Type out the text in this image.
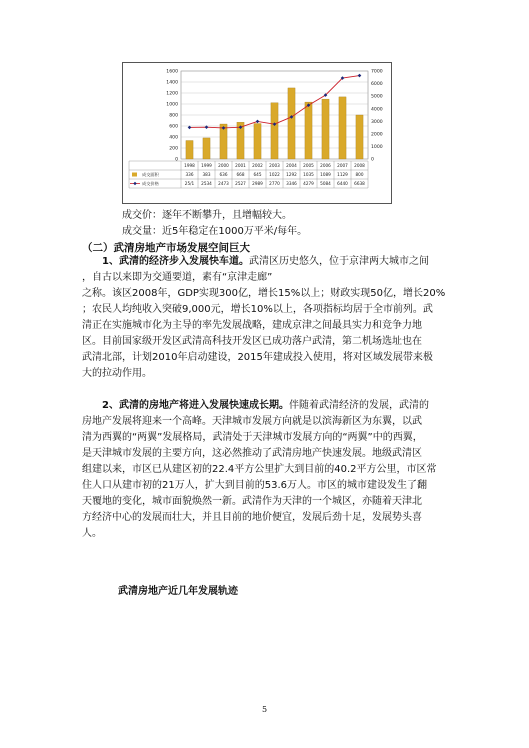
0
200
400
600
800
1000
1200
1400
1600
0
1000
2000
3000
4000
5000
6000
7000
1998 1999 2000 2001 2002 2003 2004 2005 2006 2007 2008
成交面积	336 383 636 668 645 1022 1292 1035 1089 1129 800
成交价格	25/1 2534 2473 2527 2989 2770 3346 4279 5084 6440 6638
成交价：逐年不断攀升，且增幅较大。
成交量：近5年稳定在1000万平米/每年。
（二）武清房地产市场发展空间巨大
1、武清的经济步入发展快车道。武清区历史悠久，位于京津两大城市之间
，自古以来即为交通要道，素有“京津走廊”
之称。该区2008年，GDP实现300亿，增长15%以上；财政实现50亿，增长20%
；农民人均纯收入突破9,000元，增长10%以上，各项指标均居于全市前列。武
清正在实施城市化为主导的率先发展战略，建成京津之间最具实力和竞争力地
区。目前国家级开发区武清高科技开发区已成功落户武清，第二机场选址也在
武清北部，计划2010年启动建设，2015年建成投入使用，将对区域发展带来极
大的拉动作用。
2、武清的房地产将进入发展快速成长期。伴随着武清经济的发展，武清的
房地产发展将迎来一个高峰。天津城市发展方向就是以滨海新区为东翼，以武
清为西翼的“两翼”发展格局，武清处于天津城市发展方向的“两翼”中的西翼，
是天津城市发展的主要方向，这必然推动了武清房地产快速发展。地级武清区
组建以来，市区已从建区初的22.4平方公里扩大到目前的40.2平方公里，市区常
住人口从建市初的21万人，扩大到目前的53.6万人。市区的城市建设发生了翻
天覆地的变化，城市面貌焕然一新。武清作为天津的一个城区，亦随着天津北
方经济中心的发展而壮大，并且目前的地价便宜，发展后劲十足，发展势头喜
人。
武清房地产近几年发展轨迹
5
